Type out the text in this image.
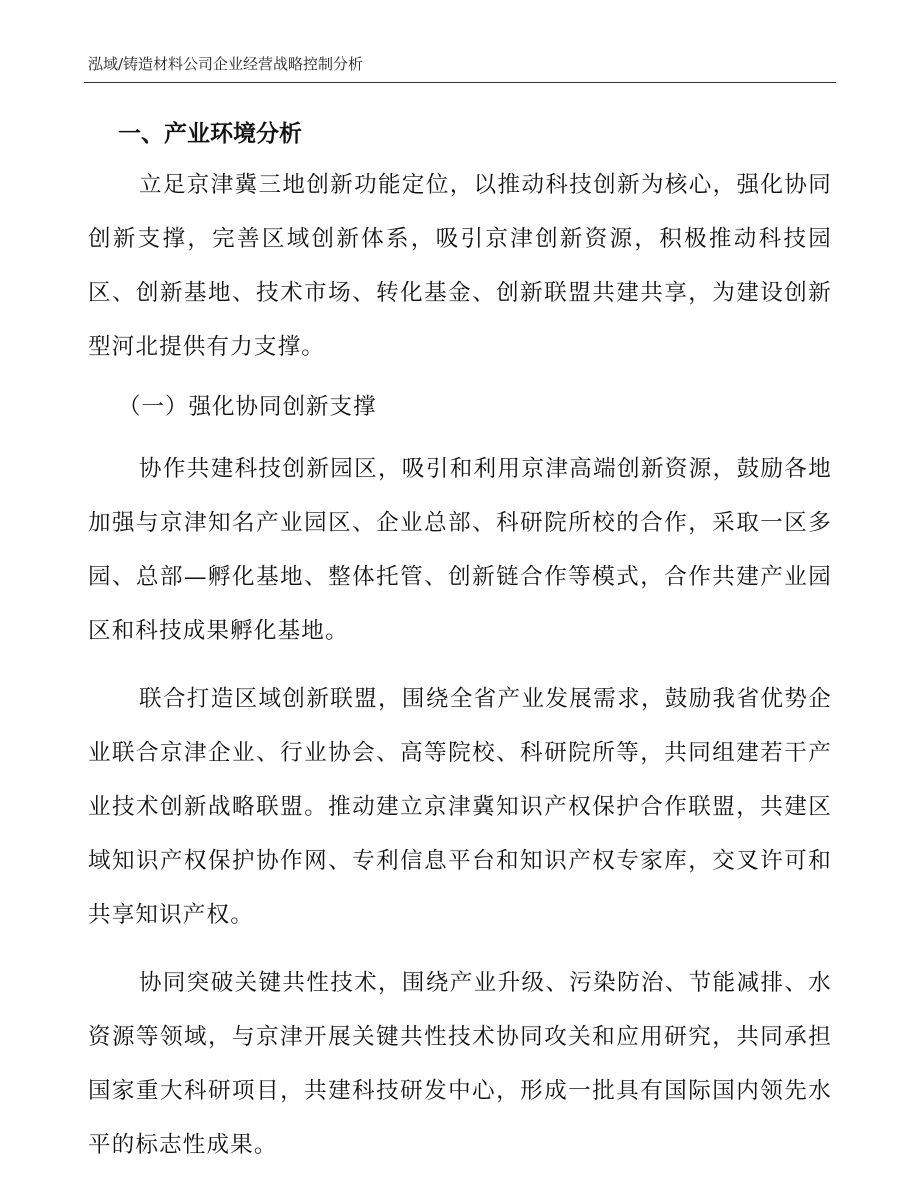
泓域/铸造材料公司企业经营战略控制分析
一、产业环境分析

立足京津冀三地创新功能定位，以推动科技创新为核心，强化协同创新支撑，完善区域创新体系，吸引京津创新资源，积极推动科技园区、创新基地、技术市场、转化基金、创新联盟共建共享，为建设创新型河北提供有力支撑。

（一）强化协同创新支撑

协作共建科技创新园区，吸引和利用京津高端创新资源，鼓励各地加强与京津知名产业园区、企业总部、科研院所校的合作，采取一区多园、总部—孵化基地、整体托管、创新链合作等模式，合作共建产业园区和科技成果孵化基地。

联合打造区域创新联盟，围绕全省产业发展需求，鼓励我省优势企业联合京津企业、行业协会、高等院校、科研院所等，共同组建若干产业技术创新战略联盟。推动建立京津冀知识产权保护合作联盟，共建区域知识产权保护协作网、专利信息平台和知识产权专家库，交叉许可和共享知识产权。

协同突破关键共性技术，围绕产业升级、污染防治、节能减排、水资源等领域，与京津开展关键共性技术协同攻关和应用研究，共同承担国家重大科研项目，共建科技研发中心，形成一批具有国际国内领先水平的标志性成果。
